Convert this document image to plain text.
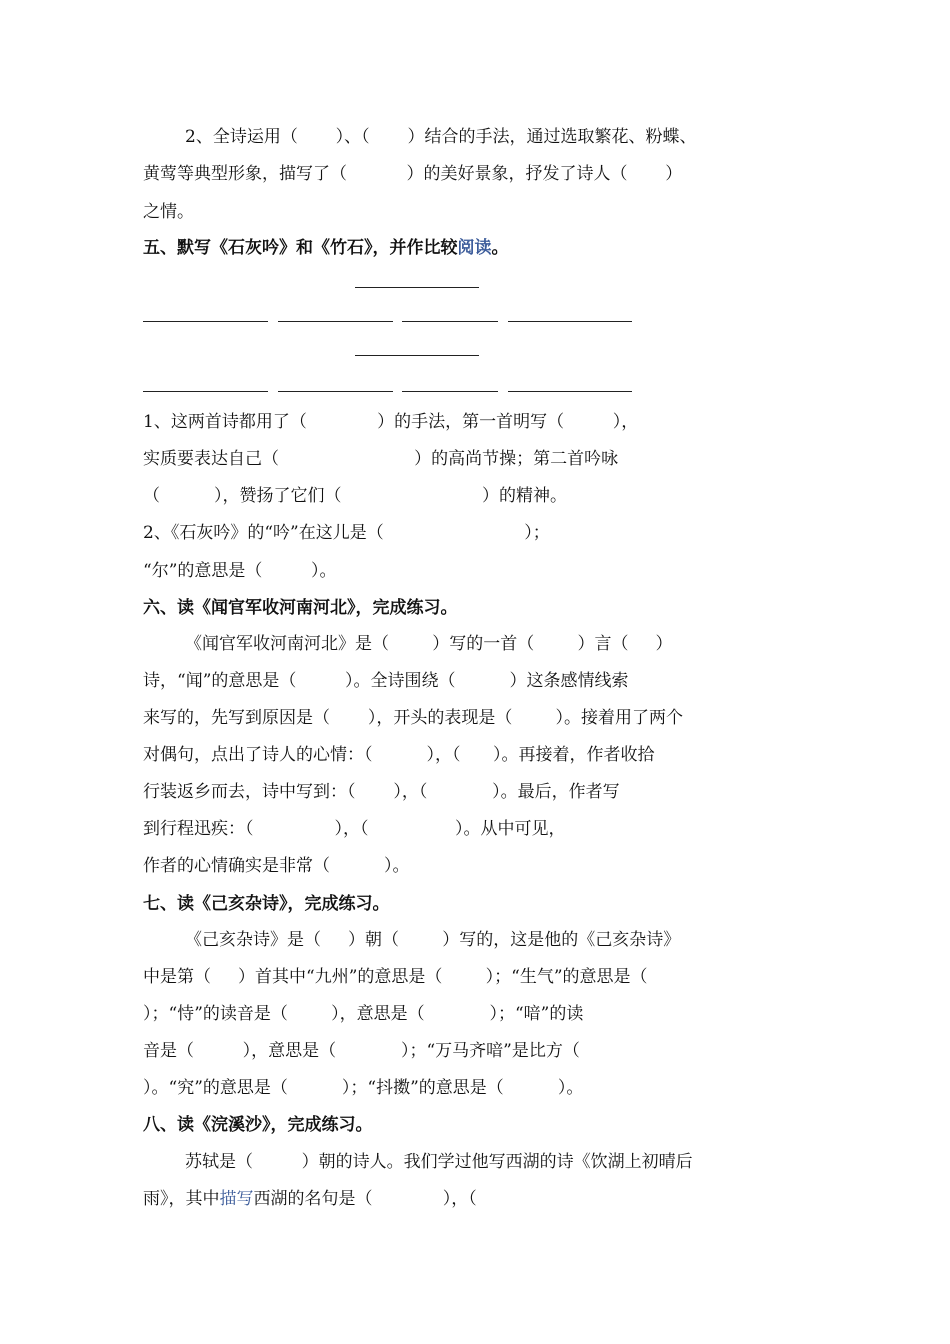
2、全诗运用（       ）、（       ）结合的手法，通过选取繁花、粉蝶、
黄莺等典型形象，描写了（           ）的美好景象，抒发了诗人（       ）
之情。
五、默写《石灰吟》和《竹石》，并作比较阅读。
1、这两首诗都用了（             ）的手法，第一首明写（         ），
实质要表达自己（                         ）的高尚节操；第二首吟咏
（          ），赞扬了它们（                          ）的精神。
2、《石灰吟》的“吟”在这儿是（                          ）；
“尔”的意思是（         ）。
六、读《闻官军收河南河北》，完成练习。
《闻官军收河南河北》是（        ）写的一首（        ）言（     ）
诗，“闻”的意思是（         ）。全诗围绕（          ）这条感情线索
来写的，先写到原因是（       ），开头的表现是（        ）。接着用了两个
对偶句，点出了诗人的心情：（          ），（      ）。再接着，作者收拾
行装返乡而去，诗中写到：（       ），（            ）。最后，作者写
到行程迅疾：（               ），（                ）。从中可见，
作者的心情确实是非常（          ）。
七、读《己亥杂诗》，完成练习。
《己亥杂诗》是（     ）朝（        ）写的，这是他的《己亥杂诗》
中是第（     ）首其中“九州”的意思是（        ）；“生气”的意思是（
）；“恃”的读音是（        ），意思是（            ）；“喑”的读
音是（         ），意思是（            ）；“万马齐喑”是比方（
）。“究”的意思是（          ）；“抖擞”的意思是（          ）。
八、读《浣溪沙》，完成练习。
苏轼是（         ）朝的诗人。我们学过他写西湖的诗《饮湖上初晴后
雨》，其中描写西湖的名句是（             ），（
